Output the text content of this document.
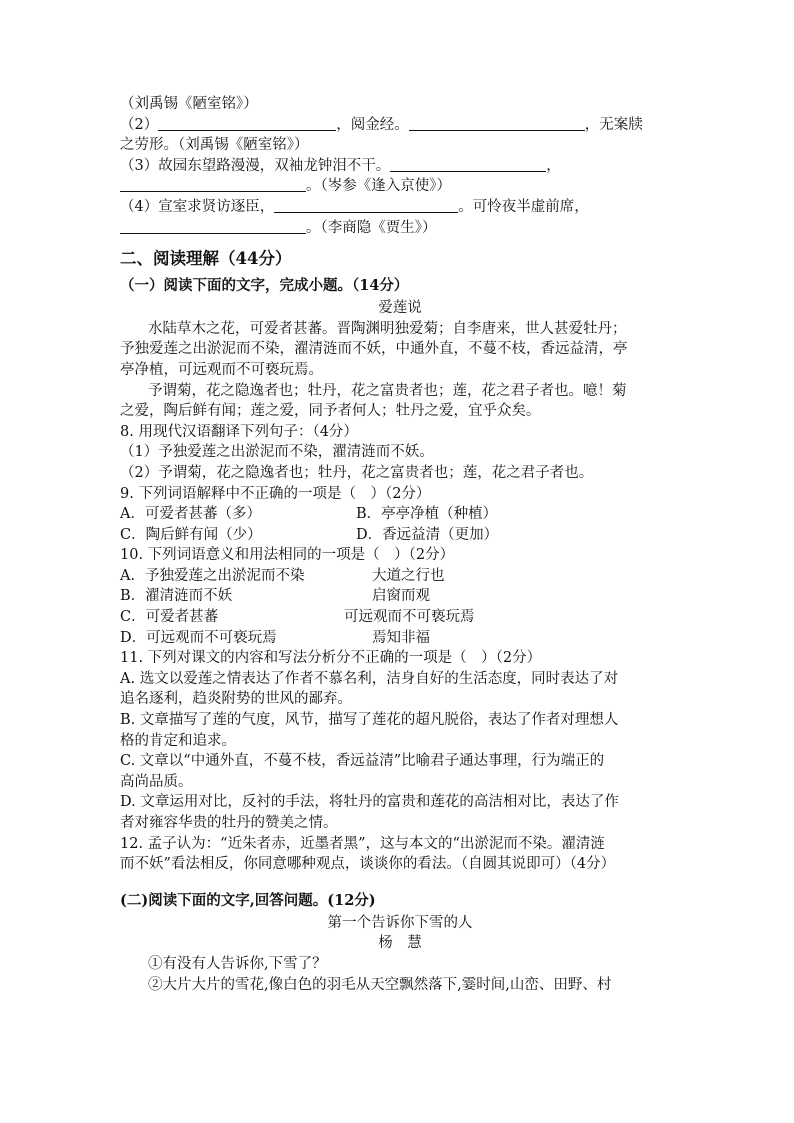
（刘禹锡《陋室铭》）
（2）	，阅金经。	，无案牍
之劳形。（刘禹锡《陋室铭》）
（3）故园东望路漫漫，双袖龙钟泪不干。	，
。（岑参《逢入京使》）
（4）宣室求贤访逐臣，	。可怜夜半虚前席，
。（李商隐《贾生》）
二、阅读理解（44分）
（一）阅读下面的文字，完成小题。（14分）
爱莲说
水陆草木之花，可爱者甚蕃。晋陶渊明独爱菊；自李唐来，世人甚爱牡丹；
予独爱莲之出淤泥而不染，濯清涟而不妖，中通外直，不蔓不枝，香远益清，亭
亭净植，可远观而不可亵玩焉。
予谓菊，花之隐逸者也；牡丹，花之富贵者也；莲，花之君子者也。噫！菊
之爱，陶后鲜有闻；莲之爱，同予者何人；牡丹之爱，宜乎众矣。
8. 用现代汉语翻译下列句子：（4分）
（1）予独爱莲之出淤泥而不染，濯清涟而不妖。
（2）予谓菊，花之隐逸者也；牡丹，花之富贵者也；莲，花之君子者也。
9. 下列词语解释中不正确的一项是（　）（2分）
A．可爱者甚蕃（多）	B．亭亭净植（种植）
C．陶后鲜有闻（少）	D．香远益清（更加）
10. 下列词语意义和用法相同的一项是（　）（2分）
A．予独爱莲之出淤泥而不染	大道之行也
B．濯清涟而不妖	启窗而观
C．可爱者甚蕃	可远观而不可亵玩焉
D．可远观而不可亵玩焉	焉知非福
11. 下列对课文的内容和写法分析分不正确的一项是（　）（2分）
A. 选文以爱莲之情表达了作者不慕名利，洁身自好的生活态度，同时表达了对
追名逐利，趋炎附势的世风的鄙弃。
B. 文章描写了莲的气度，风节，描写了莲花的超凡脱俗，表达了作者对理想人
格的肯定和追求。
C. 文章以“中通外直，不蔓不枝，香远益清”比喻君子通达事理，行为端正的
高尚品质。
D. 文章运用对比，反衬的手法，将牡丹的富贵和莲花的高洁相对比，表达了作
者对雍容华贵的牡丹的赞美之情。
12. 孟子认为：“近朱者赤，近墨者黑”，这与本文的“出淤泥而不染。濯清涟
而不妖”看法相反，你同意哪种观点，谈谈你的看法。（自圆其说即可）（4分）
(二)阅读下面的文字,回答问题。(12分)
第一个告诉你下雪的人
杨　慧
①有没有人告诉你,下雪了？
②大片大片的雪花,像白色的羽毛从天空飘然落下,霎时间,山峦、田野、村
